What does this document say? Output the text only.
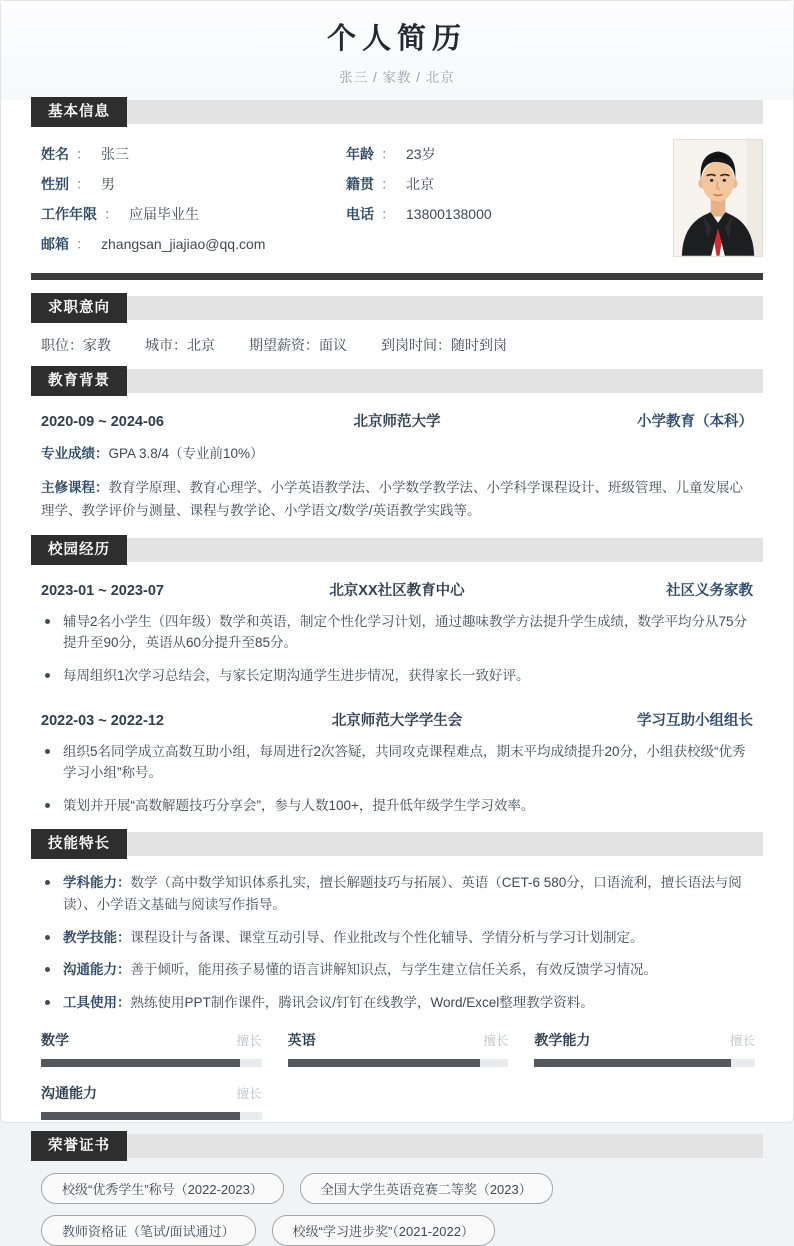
个人简历
张三 / 家教 / 北京
基本信息
姓名 ： 张三	年龄 ： 23岁
性别 ： 男	籍贯 ： 北京
工作年限 ： 应届毕业生	电话 ： 13800138000
邮箱 ： zhangsan_jiajiao@qq.com
求职意向
职位：家教 城市：北京 期望薪资：面议 到岗时间：随时到岗
教育背景
2020-09 ~ 2024-06	北京师范大学	小学教育（本科）
专业成绩：GPA 3.8/4（专业前10%）
主修课程：教育学原理、教育心理学、小学英语教学法、小学数学教学法、小学科学课程设计、班级管理、儿童发展心理学、教学评价与测量、课程与教学论、小学语文/数学/英语教学实践等。
校园经历
2023-01 ~ 2023-07	北京XX社区教育中心	社区义务家教
辅导2名小学生（四年级）数学和英语，制定个性化学习计划，通过趣味教学方法提升学生成绩，数学平均分从75分提升至90分，英语从60分提升至85分。
每周组织1次学习总结会，与家长定期沟通学生进步情况，获得家长一致好评。
2022-03 ~ 2022-12	北京师范大学学生会	学习互助小组组长
组织5名同学成立高数互助小组，每周进行2次答疑，共同攻克课程难点，期末平均成绩提升20分，小组获校级“优秀学习小组”称号。
策划并开展“高数解题技巧分享会”，参与人数100+，提升低年级学生学习效率。
技能特长
学科能力：数学（高中数学知识体系扎实，擅长解题技巧与拓展）、英语（CET-6 580分，口语流利，擅长语法与阅读）、小学语文基础与阅读写作指导。
教学技能：课程设计与备课、课堂互动引导、作业批改与个性化辅导、学情分析与学习计划制定。
沟通能力：善于倾听，能用孩子易懂的语言讲解知识点，与学生建立信任关系，有效反馈学习情况。
工具使用：熟练使用PPT制作课件，腾讯会议/钉钉在线教学，Word/Excel整理教学资料。
数学	擅长 英语	擅长 教学能力	擅长
沟通能力	擅长
荣誉证书
校级“优秀学生”称号（2022-2023）	全国大学生英语竞赛二等奖（2023）
教师资格证（笔试/面试通过）	校级“学习进步奖”（2021-2022）
